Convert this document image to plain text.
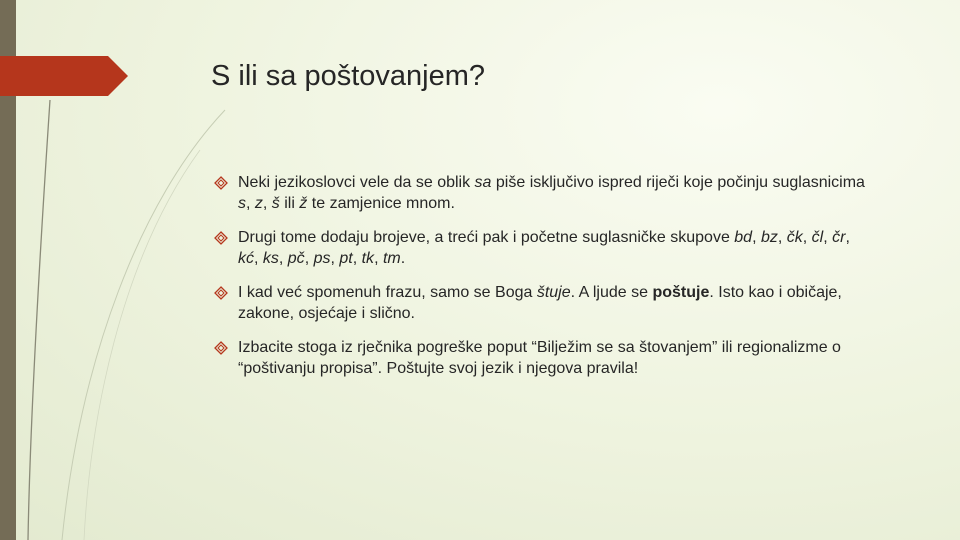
S ili sa poštovanjem?
Neki jezikoslovci vele da se oblik sa piše isključivo ispred riječi koje počinju suglasnicima s, z, š ili ž te zamjenice mnom.
Drugi tome dodaju brojeve, a treći pak i početne suglasničke skupove bd, bz, čk, čl, čr, kć, ks, pč, ps, pt, tk, tm.
I kad već spomenuh frazu, samo se Boga štuje. A ljude se poštuje. Isto kao i običaje, zakone, osjećaje i slično.
Izbacite stoga iz rječnika pogreške poput “Bilježim se sa štovanjem” ili regionalizme o “poštivanju propisa”. Poštujte svoj jezik i njegova pravila!
